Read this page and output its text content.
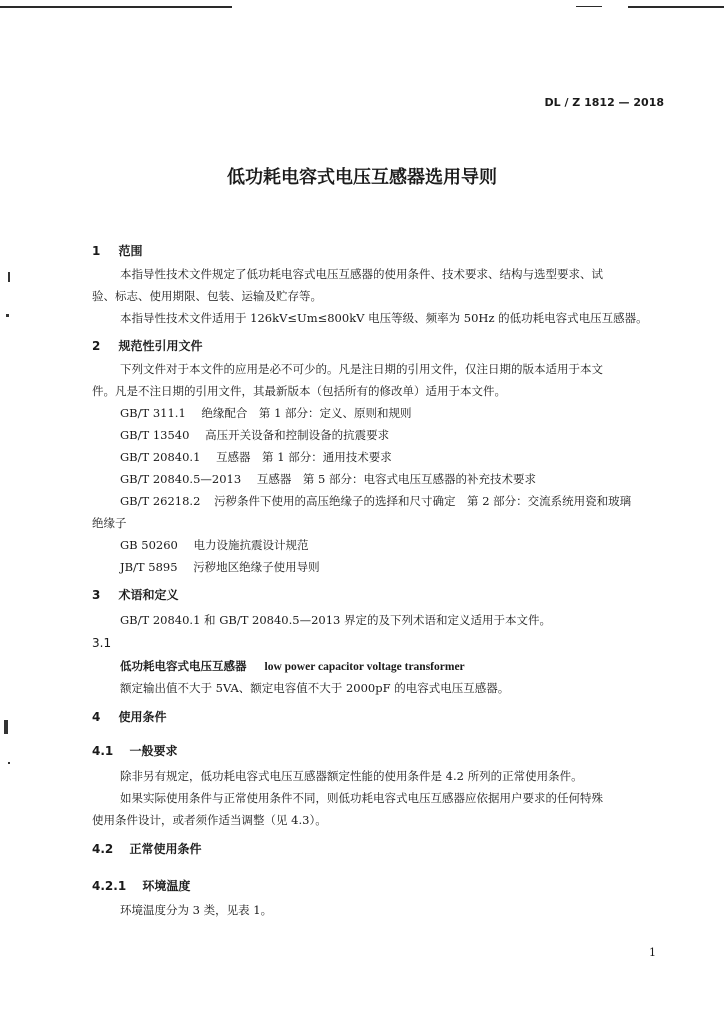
DL / Z 1812 — 2018
低功耗电容式电压互感器选用导则
1 范围
本指导性技术文件规定了低功耗电容式电压互感器的使用条件、技术要求、结构与选型要求、试
验、标志、使用期限、包装、运输及贮存等。
本指导性技术文件适用于 126kV≤Um≤800kV 电压等级、频率为 50Hz 的低功耗电容式电压互感器。
2 规范性引用文件
下列文件对于本文件的应用是必不可少的。凡是注日期的引用文件，仅注日期的版本适用于本文
件。凡是不注日期的引用文件，其最新版本（包括所有的修改单）适用于本文件。
GB/T 311.1 绝缘配合　第 1 部分：定义、原则和规则
GB/T 13540 高压开关设备和控制设备的抗震要求
GB/T 20840.1 互感器　第 1 部分：通用技术要求
GB/T 20840.5—2013 互感器　第 5 部分：电容式电压互感器的补充技术要求
GB/T 26218.2 污秽条件下使用的高压绝缘子的选择和尺寸确定　第 2 部分：交流系统用瓷和玻璃
绝缘子
GB 50260 电力设施抗震设计规范
JB/T 5895 污秽地区绝缘子使用导则
3 术语和定义
GB/T 20840.1 和 GB/T 20840.5—2013 界定的及下列术语和定义适用于本文件。
3.1
低功耗电容式电压互感器 low power capacitor voltage transformer
额定输出值不大于 5VA、额定电容值不大于 2000pF 的电容式电压互感器。
4 使用条件
4.1 一般要求
除非另有规定，低功耗电容式电压互感器额定性能的使用条件是 4.2 所列的正常使用条件。
如果实际使用条件与正常使用条件不同，则低功耗电容式电压互感器应依据用户要求的任何特殊
使用条件设计，或者须作适当调整（见 4.3）。
4.2 正常使用条件
4.2.1 环境温度
环境温度分为 3 类，见表 1。
1
